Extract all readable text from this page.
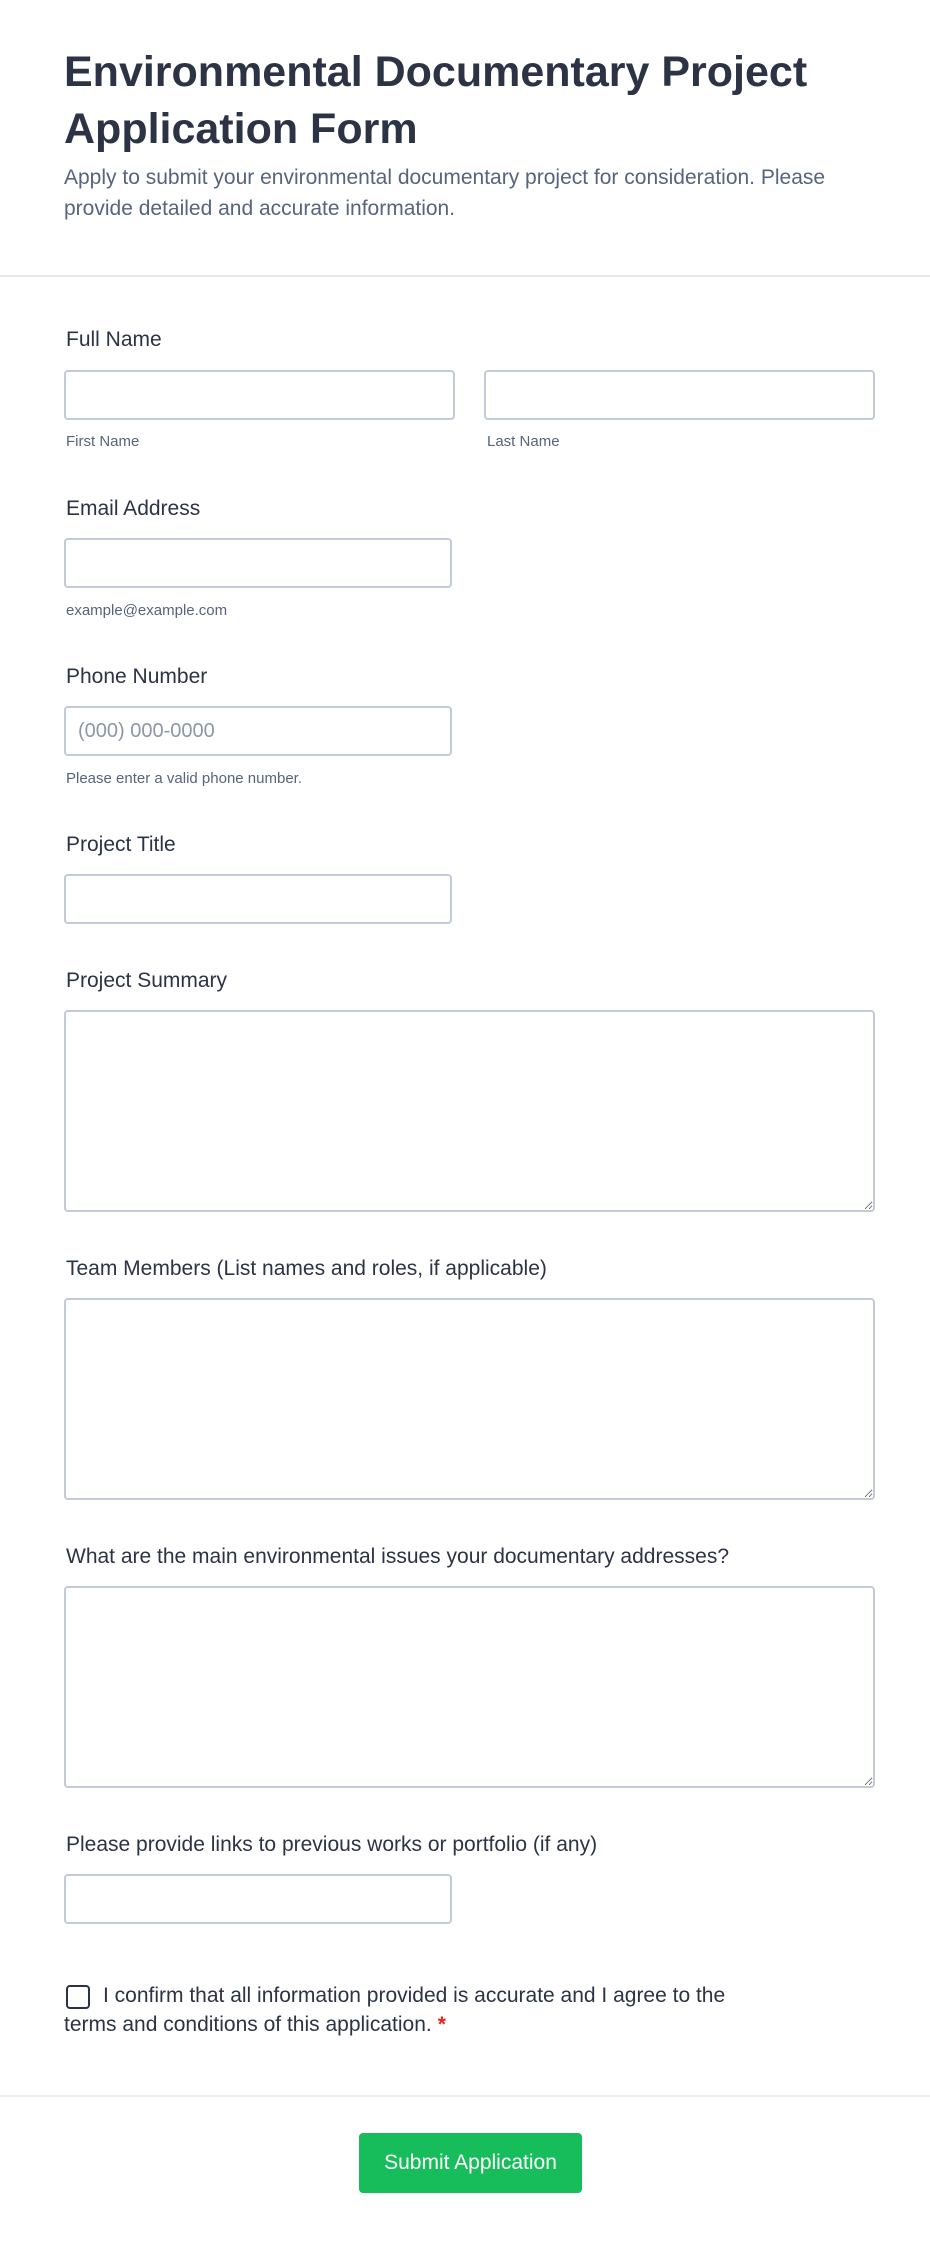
Environmental Documentary Project Application Form
Apply to submit your environmental documentary project for consideration. Please provide detailed and accurate information.
Full Name
First Name	Last Name
Email Address
example@example.com
Phone Number
(000) 000-0000
Please enter a valid phone number.
Project Title
Project Summary
Team Members (List names and roles, if applicable)
What are the main environmental issues your documentary addresses?
Please provide links to previous works or portfolio (if any)
I confirm that all information provided is accurate and I agree to the terms and conditions of this application. *
Submit Application
